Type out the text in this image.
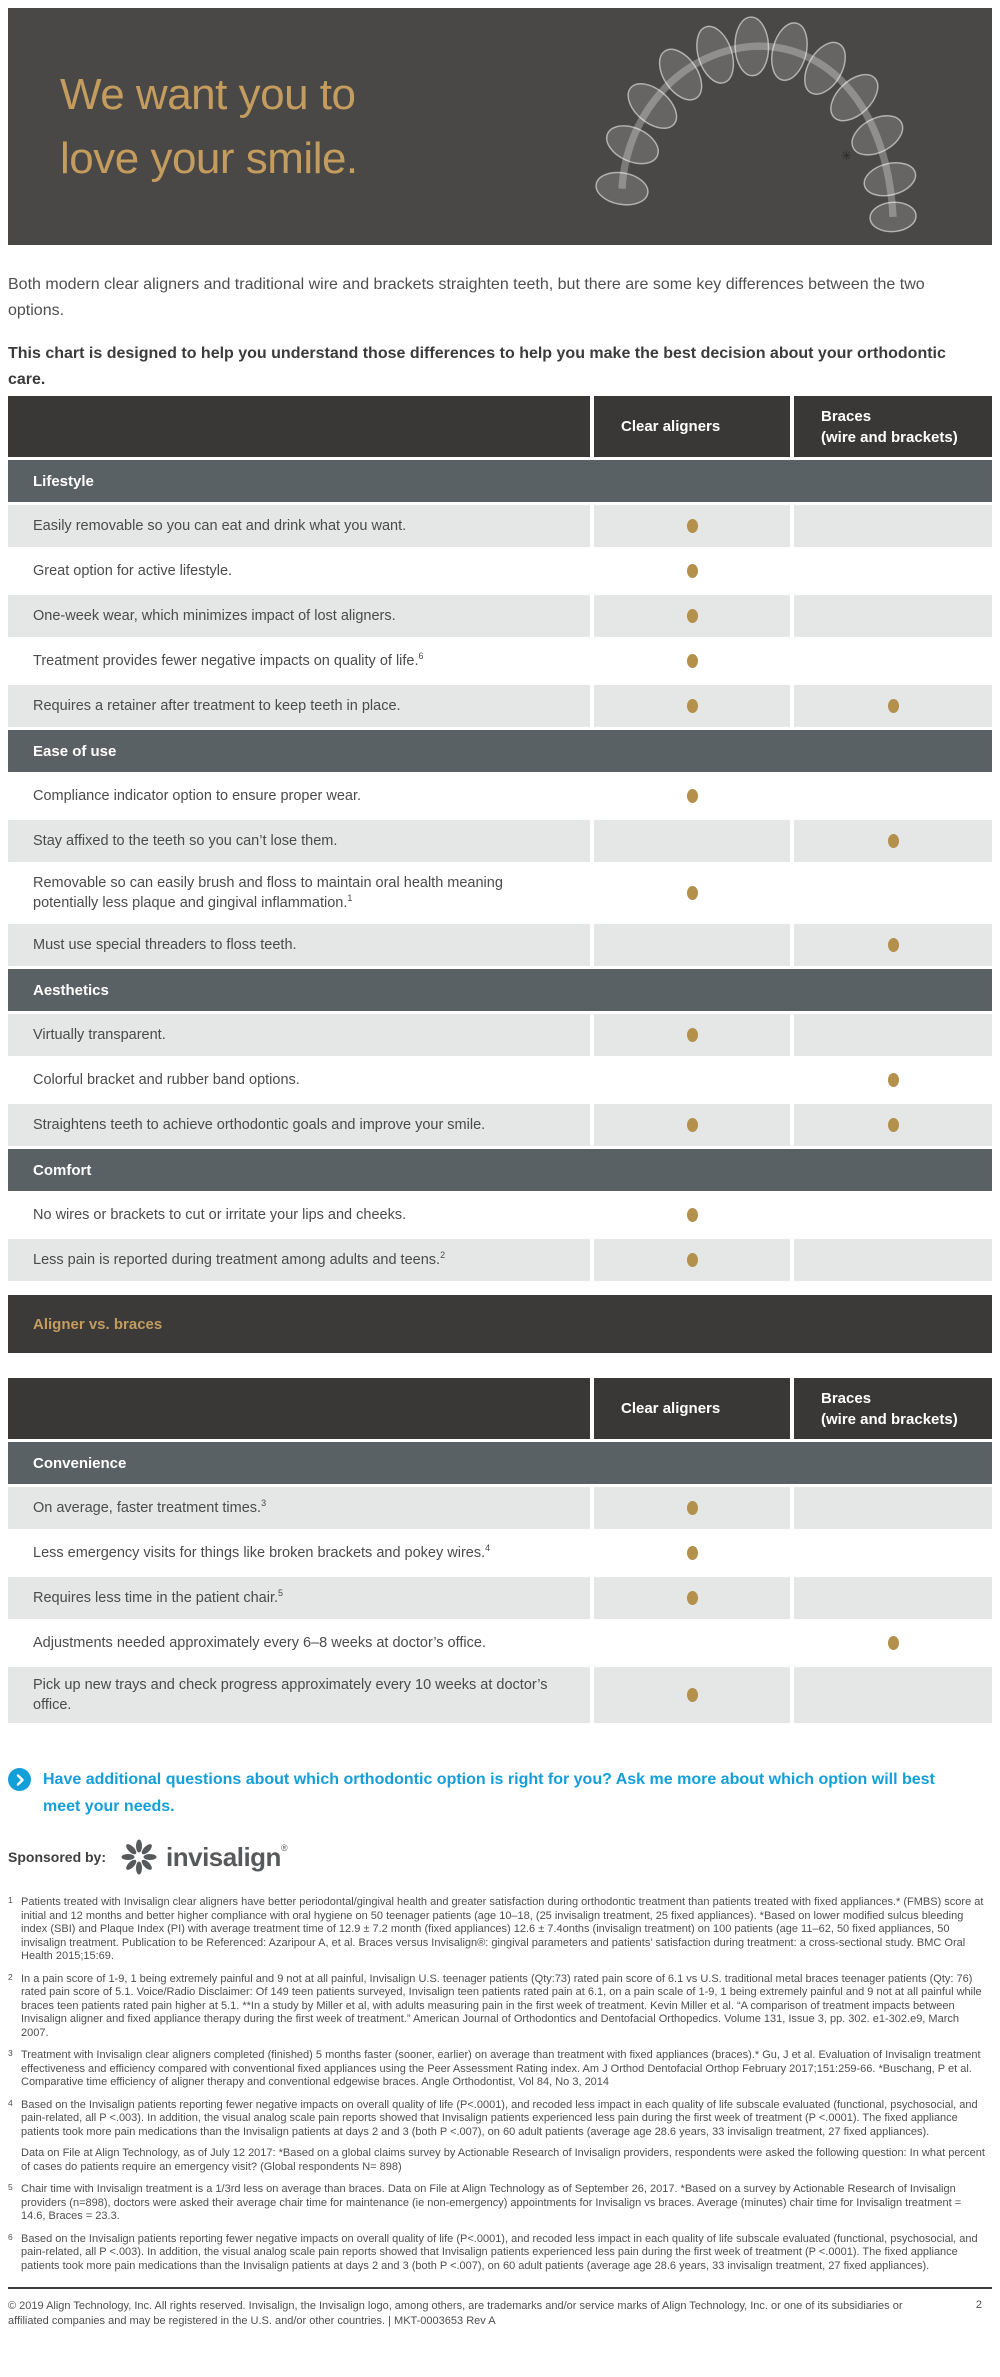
We want you to
love your smile.	✳

Both modern clear aligners and traditional wire and brackets straighten teeth, but there are some key differences between the two options.

This chart is designed to help you understand those differences to help you make the best decision about your orthodontic care.

Clear aligners
Braces
(wire and brackets)
Lifestyle
Easily removable so you can eat and drink what you want.
Great option for active lifestyle.
One-week wear, which minimizes impact of lost aligners.
Treatment provides fewer negative impacts on quality of life.$^6$
Requires a retainer after treatment to keep teeth in place.
Ease of use
Compliance indicator option to ensure proper wear.
Stay affixed to the teeth so you can’t lose them.
Removable so can easily brush and floss to maintain oral health meaning potentially less plaque and gingival inflammation.$^1$
Must use special threaders to floss teeth.
Aesthetics
Virtually transparent.
Colorful bracket and rubber band options.
Straightens teeth to achieve orthodontic goals and improve your smile.
Comfort
No wires or brackets to cut or irritate your lips and cheeks.
Less pain is reported during treatment among adults and teens.$^2$
Aligner vs. braces
Clear aligners
Braces
(wire and brackets)
Convenience
On average, faster treatment times.$^3$
Less emergency visits for things like broken brackets and pokey wires.$^4$
Requires less time in the patient chair.$^5$
Adjustments needed approximately every 6–8 weeks at doctor’s office.
Pick up new trays and check progress approximately every 10 weeks at doctor’s office.
Have additional questions about which orthodontic option is right for you? Ask me more about which option will best meet your needs.
Sponsored by: invisalign ®
1 Patients treated with Invisalign clear aligners have better periodontal/gingival health and greater satisfaction during orthodontic treatment than patients treated with fixed appliances.* (FMBS) score at initial and 12 months and better higher compliance with oral hygiene on 50 teenager patients (age 10–18, (25 invisalign treatment, 25 fixed appliances). *Based on lower modified sulcus bleeding index (SBI) and Plaque Index (PI) with average treatment time of 12.9 ± 7.2 month (fixed appliances) 12.6 ± 7.4onths (invisalign treatment) on 100 patients (age 11–62, 50 fixed appliances, 50 invisalign treatment. Publication to be Referenced: Azaripour A, et al. Braces versus Invisalign®: gingival parameters and patients’ satisfaction during treatment: a cross-sectional study. BMC Oral Health 2015;15:69.
2 In a pain score of 1-9, 1 being extremely painful and 9 not at all painful, Invisalign U.S. teenager patients (Qty:73) rated pain score of 6.1 vs U.S. traditional metal braces teenager patients (Qty: 76) rated pain score of 5.1. Voice/Radio Disclaimer: Of 149 teen patients surveyed, Invisalign teen patients rated pain at 6.1, on a pain scale of 1-9, 1 being extremely painful and 9 not at all painful while braces teen patients rated pain higher at 5.1. **In a study by Miller et al, with adults measuring pain in the first week of treatment. Kevin Miller et al. “A comparison of treatment impacts between Invisalign aligner and fixed appliance therapy during the first week of treatment.” American Journal of Orthodontics and Dentofacial Orthopedics. Volume 131, Issue 3, pp. 302. e1-302.e9, March 2007.
3 Treatment with Invisalign clear aligners completed (finished) 5 months faster (sooner, earlier) on average than treatment with fixed appliances (braces).* Gu, J et al. Evaluation of Invisalign treatment effectiveness and efficiency compared with conventional fixed appliances using the Peer Assessment Rating index. Am J Orthod Dentofacial Orthop February 2017;151:259-66. *Buschang, P et al. Comparative time efficiency of aligner therapy and conventional edgewise braces. Angle Orthodontist, Vol 84, No 3, 2014
4 Based on the Invisalign patients reporting fewer negative impacts on overall quality of life (P<.0001), and recoded less impact in each quality of life subscale evaluated (functional, psychosocial, and pain-related, all P <.003). In addition, the visual analog scale pain reports showed that Invisalign patients experienced less pain during the first week of treatment (P <.0001). The fixed appliance patients took more pain medications than the Invisalign patients at days 2 and 3 (both P <.007), on 60 adult patients (average age 28.6 years, 33 invisalign treatment, 27 fixed appliances).
Data on File at Align Technology, as of July 12 2017: *Based on a global claims survey by Actionable Research of Invisalign providers, respondents were asked the following question: In what percent of cases do patients require an emergency visit? (Global respondents N= 898)
5 Chair time with Invisalign treatment is a 1/3rd less on average than braces. Data on File at Align Technology as of September 26, 2017. *Based on a survey by Actionable Research of Invisalign providers (n=898), doctors were asked their average chair time for maintenance (ie non-emergency) appointments for Invisalign vs braces. Average (minutes) chair time for Invisalign treatment = 14.6, Braces = 23.3.
6 Based on the Invisalign patients reporting fewer negative impacts on overall quality of life (P<.0001), and recoded less impact in each quality of life subscale evaluated (functional, psychosocial, and pain-related, all P <.003). In addition, the visual analog scale pain reports showed that Invisalign patients experienced less pain during the first week of treatment (P <.0001). The fixed appliance patients took more pain medications than the Invisalign patients at days 2 and 3 (both P <.007), on 60 adult patients (average age 28.6 years, 33 invisalign treatment, 27 fixed appliances).
© 2019 Align Technology, Inc. All rights reserved. Invisalign, the Invisalign logo, among others, are trademarks and/or service marks of Align Technology, Inc. or one of its subsidiaries or affiliated companies and may be registered in the U.S. and/or other countries. | MKT-0003653 Rev A
2
